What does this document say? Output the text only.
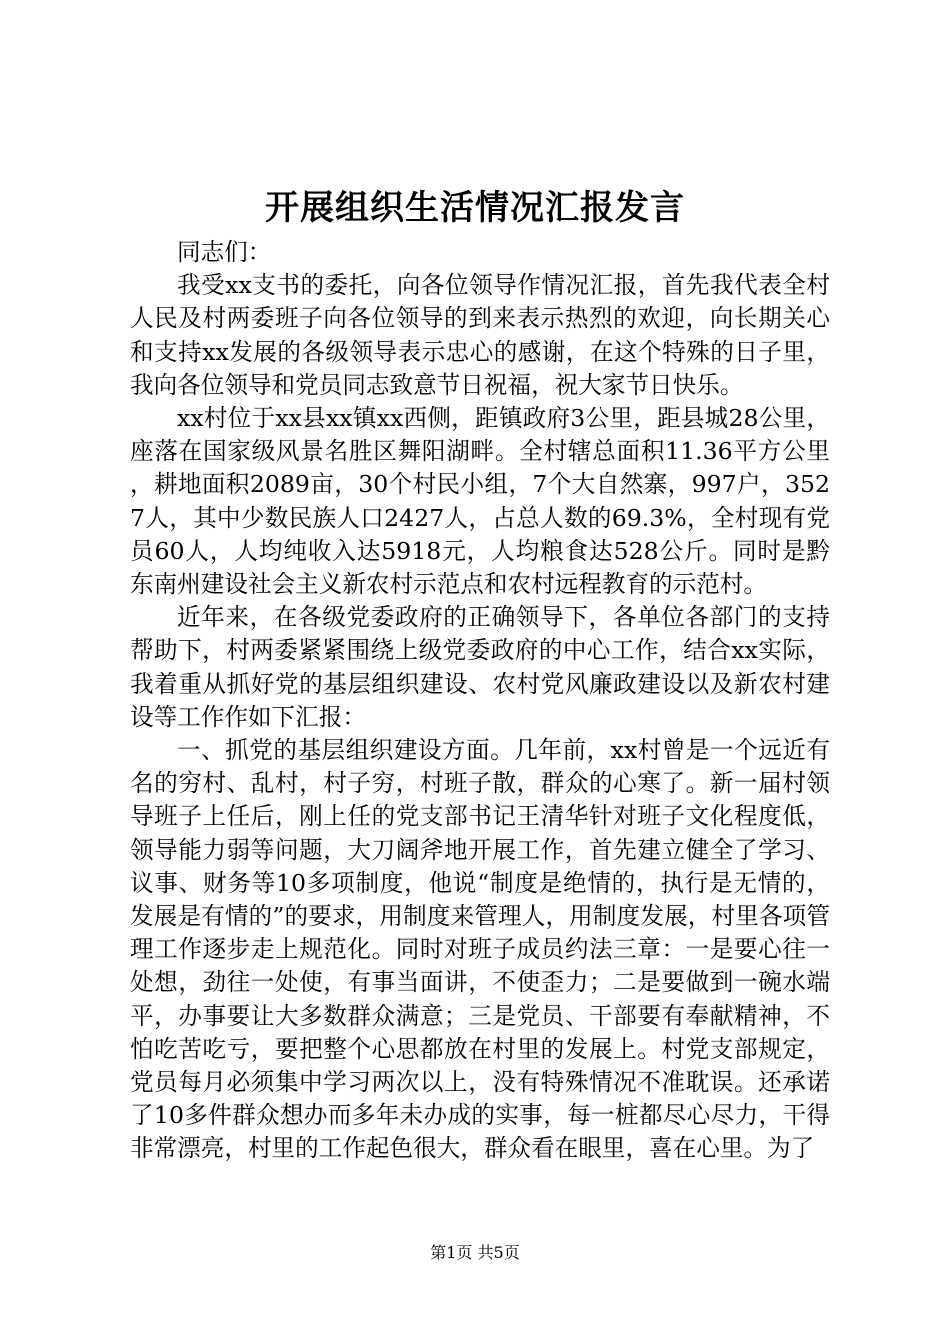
开展组织生活情况汇报发言

同志们：

我受xx支书的委托，向各位领导作情况汇报，首先我代表全村人民及村两委班子向各位领导的到来表示热烈的欢迎，向长期关心和支持xx发展的各级领导表示忠心的感谢，在这个特殊的日子里，我向各位领导和党员同志致意节日祝福，祝大家节日快乐。

xx村位于xx县xx镇xx西侧，距镇政府3公里，距县城28公里，座落在国家级风景名胜区舞阳湖畔。全村辖总面积11.36平方公里，耕地面积2089亩，30个村民小组，7个大自然寨，997户，3527人，其中少数民族人口2427人，占总人数的69.3%，全村现有党员60人，人均纯收入达5918元，人均粮食达528公斤。同时是黔东南州建设社会主义新农村示范点和农村远程教育的示范村。

近年来，在各级党委政府的正确领导下，各单位各部门的支持帮助下，村两委紧紧围绕上级党委政府的中心工作，结合xx实际，我着重从抓好党的基层组织建设、农村党风廉政建设以及新农村建设等工作作如下汇报：

一、抓党的基层组织建设方面。几年前，xx村曾是一个远近有名的穷村、乱村，村子穷，村班子散，群众的心寒了。新一届村领导班子上任后，刚上任的党支部书记王清华针对班子文化程度低，领导能力弱等问题，大刀阔斧地开展工作，首先建立健全了学习、议事、财务等10多项制度，他说“制度是绝情的，执行是无情的，发展是有情的”的要求，用制度来管理人，用制度发展，村里各项管理工作逐步走上规范化。同时对班子成员约法三章：一是要心往一处想，劲往一处使，有事当面讲，不使歪力；二是要做到一碗水端平，办事要让大多数群众满意；三是党员、干部要有奉献精神，不怕吃苦吃亏，要把整个心思都放在村里的发展上。村党支部规定，党员每月必须集中学习两次以上，没有特殊情况不准耽误。还承诺了10多件群众想办而多年未办成的实事，每一桩都尽心尽力，干得非常漂亮，村里的工作起色很大，群众看在眼里，喜在心里。为了

第1页 共5页
